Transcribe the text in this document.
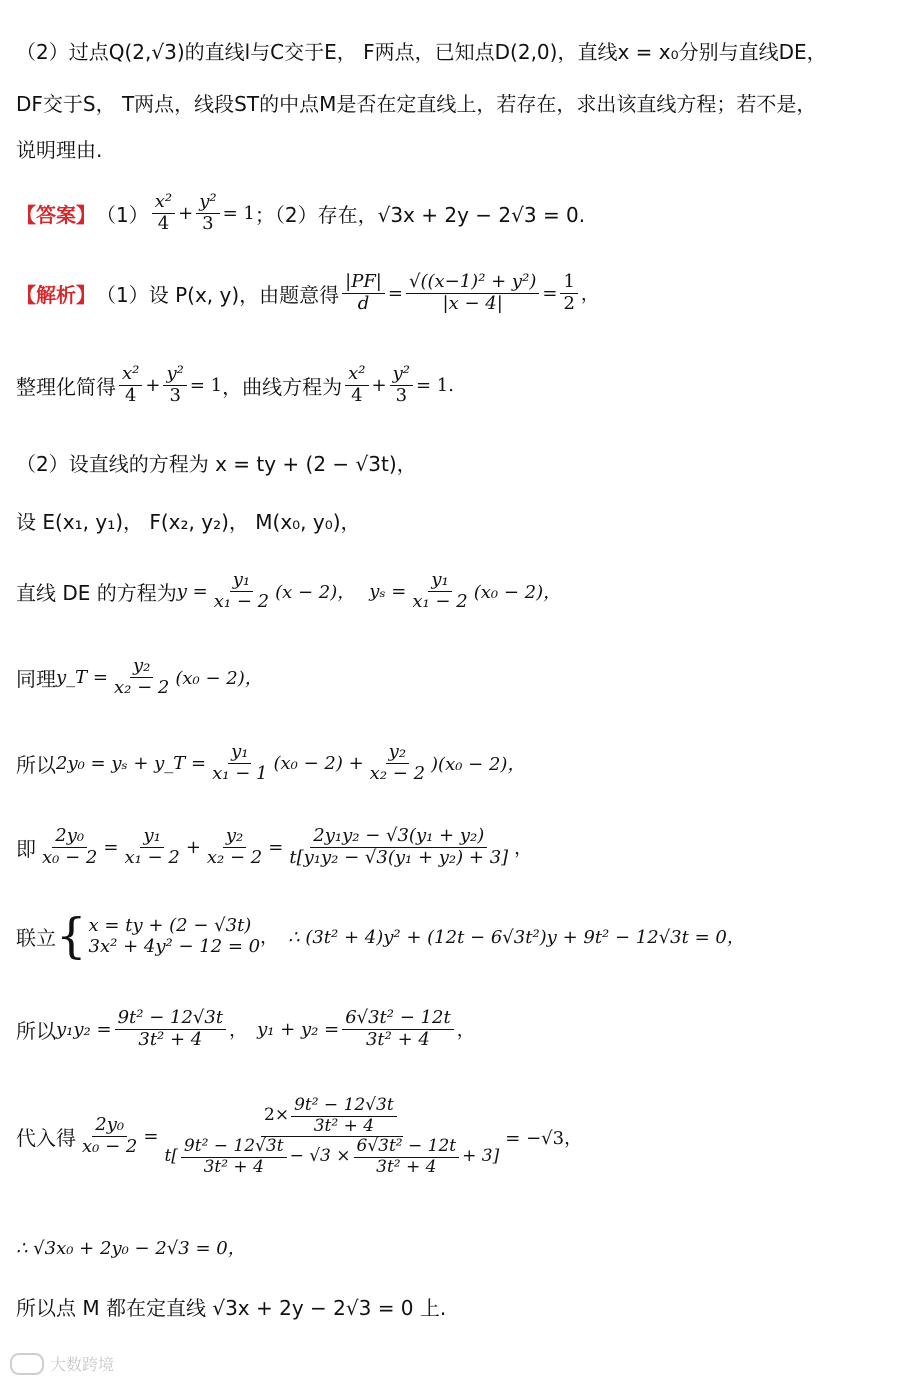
（2）过点Q(2,√3)的直线l与C交于E， F两点，已知点D(2,0)，直线x = x₀分别与直线DE，
DF交于S， T两点，线段ST的中点M是否在定直线上，若存在，求出该直线方程；若不是，
说明理由.
【答案】 $(1) \frac{\text{x²}}{4} + \frac{\text{y²}}{3} = 1$ ；（2）存在，√3x + 2y − 2√3 = 0.
【解析】 （1）设 P(x, y)，由题意得 $\frac{|PF|}{d} = \frac{\text{√((x−1)² + y²)}}{|x - 4|} = \frac{1}{2}$ ，
整理化简得 $\frac{\text{x²}}{4} + \frac{\text{y²}}{3} = 1$ ，曲线方程为 $\frac{\text{x²}}{4} + \frac{\text{y²}}{3} = 1$.
（2）设直线的方程为 x = ty + (2 − √3t)，
设 E(x₁, y₁)， F(x₂, y₂)， M(x₀, y₀)，
直线 DE 的方程为 $y = \frac{\text{y₁}}{\text{x₁ − 2}} (x - 2)$， $y_s = \frac{\text{y₁}}{\text{x₁ − 2}} (x_0 - 2)$，
同理 y_T = $\frac{\text{y₂}}{\text{x₂ − 2}} (x_0 - 2)$，
所以 2y₀ = yₛ + y_T = $\frac{\text{y₁}}{\text{x₁ − 1}} (x_0 - 2) + \frac{\text{y₂}}{\text{x₂ − 2}} )(x_0 - 2)$，
即 $\frac{\text{2y₀}}{\text{x₀ − 2}} = \frac{\text{y₁}}{\text{x₁ − 2}} + \frac{\text{y₂}}{\text{x₂ − 2}} = \frac{\text{2y₁y₂ − √3(y₁ + y₂)}}{\text{t[y₁y₂ − √3(y₁ + y₂) + 3]}}$ ，
联立 { x = ty + (2 − √3t)
3x² + 4y² − 12 = 0 ， ∴ (3t² + 4)y² + (12t − 6√3t²)y + 9t² − 12√3t = 0，
所以 $y_1y_2 = \frac{\text{9t² − 12√3t}}{\text{3t² + 4}}$ ， $y_1 + y_2 = \frac{\text{6√3t² − 12t}}{\text{3t² + 4}}$ ，
代入得 $\frac{\text{2y₀}}{\text{x₀ − 2}}$ =
$2\times \frac{\text{9t² − 12√3t}}{\text{3t² + 4}}$
$t[ \frac{\text{9t² − 12√3t}}{\text{3t² + 4}} - √3 \times \frac{\text{6√3t² − 12t}}{\text{3t² + 4}} + 3]$
= −√3，
∴ √3x₀ + 2y₀ − 2√3 = 0，
所以点 M 都在定直线 √3x + 2y − 2√3 = 0 上.
大数跨境
